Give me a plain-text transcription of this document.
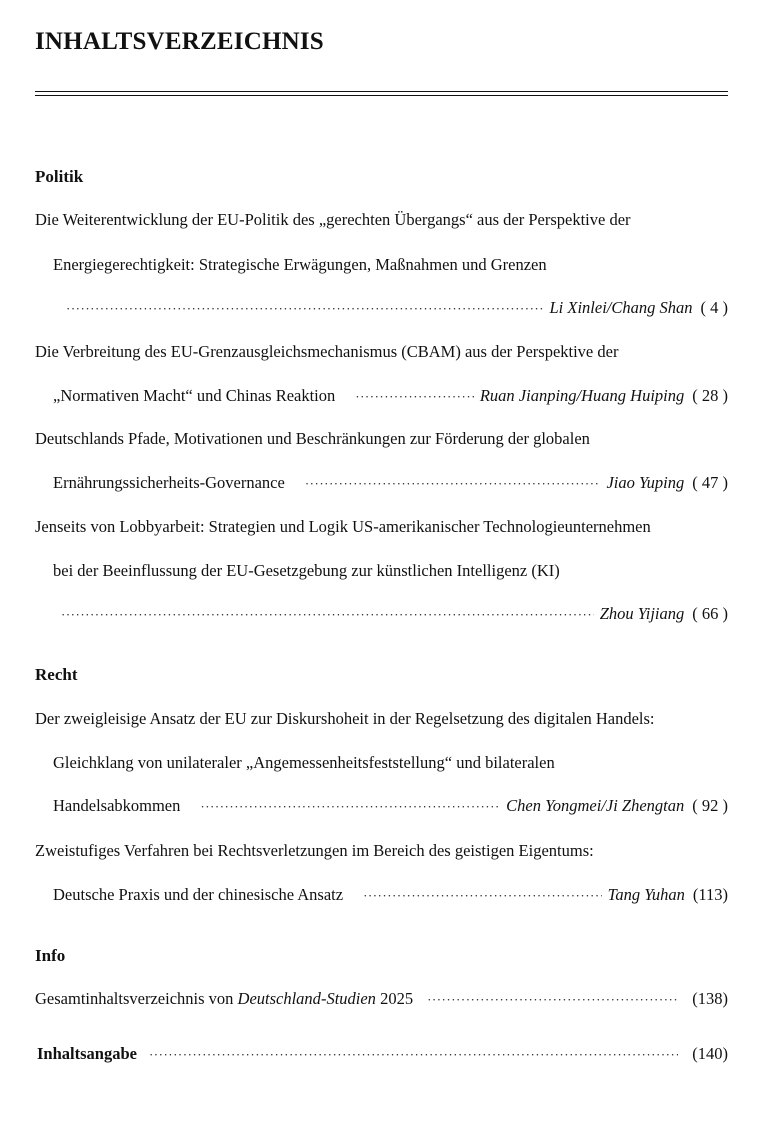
INHALTSVERZEICHNIS
Politik
Die Weiterentwicklung der EU-Politik des „gerechten Übergangs“ aus der Perspektive der
Energiegerechtigkeit: Strategische Erwägungen, Maßnahmen und Grenzen
·····
Li Xinlei/Chang Shan ( 4 )
Die Verbreitung des EU-Grenzausgleichsmechanismus (CBAM) aus der Perspektive der
„Normativen Macht“ und Chinas Reaktion ·····	Ruan Jianping/Huang Huiping ( 28 )
Deutschlands Pfade, Motivationen und Beschränkungen zur Förderung der globalen
Ernährungssicherheits-Governance ·····	Jiao Yuping ( 47 )
Jenseits von Lobbyarbeit: Strategien und Logik US-amerikanischer Technologieunternehmen
bei der Beeinflussung der EU-Gesetzgebung zur künstlichen Intelligenz (KI)
·····
Zhou Yijiang ( 66 )
Recht
Der zweigleisige Ansatz der EU zur Diskurshoheit in der Regelsetzung des digitalen Handels:
Gleichklang von unilateraler „Angemessenheitsfeststellung“ und bilateralen
Handelsabkommen ·····	Chen Yongmei/Ji Zhengtan ( 92 )
Zweistufiges Verfahren bei Rechtsverletzungen im Bereich des geistigen Eigentums:
Deutsche Praxis und der chinesische Ansatz ·····	Tang Yuhan (113)
Info
Gesamtinhaltsverzeichnis von Deutschland-Studien 2025 ·····	(138)
Inhaltsangabe ·····	(140)
